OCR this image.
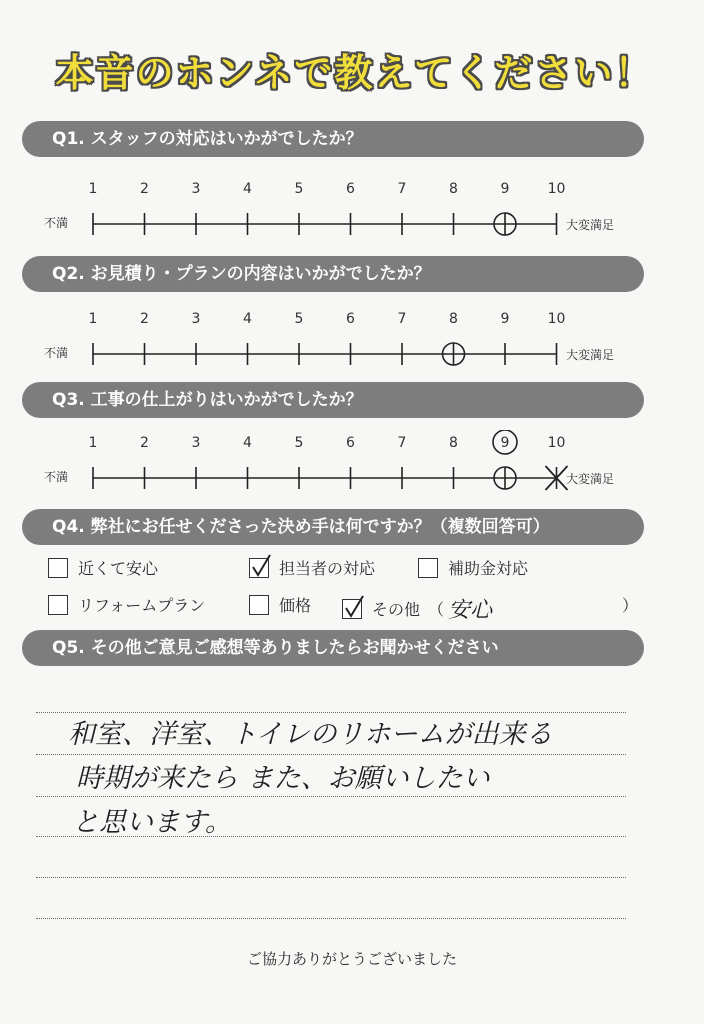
本音のホンネで教えてください！
Q1. スタッフの対応はいかがでしたか？
1	2	3	4	5	6	7	8	9	10
不満	大変満足
Q2. お見積り・プランの内容はいかがでしたか？
1	2	3	4	5	6	7	8	9	10
不満	大変満足
Q3. 工事の仕上がりはいかがでしたか？
1	2	3	4	5	6	7	8	9	10
不満	大変満足
Q4. 弊社にお任せくださった決め手は何ですか？（複数回答可）
近くて安心	担当者の対応	補助金対応
リフォームプラン	価格	その他 （ 安心	）
Q5. その他ご意見ご感想等ありましたらお聞かせください
和室、洋室、トイレのリホームが出来る
時期が来たら また、お願いしたい
と思います。
ご協力ありがとうございました
